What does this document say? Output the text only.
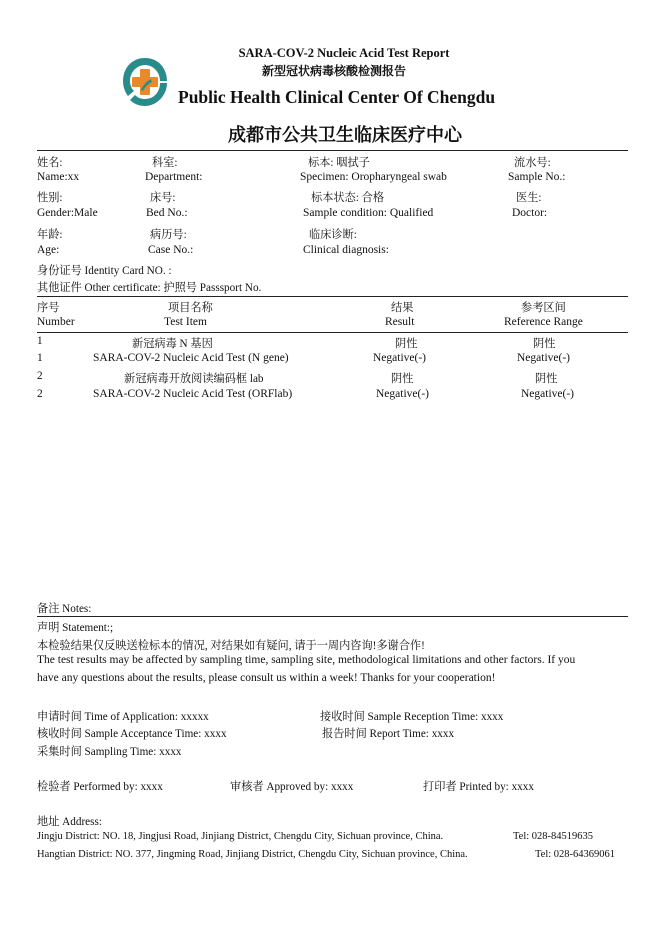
SARA-COV-2 Nucleic Acid Test Report
新型冠状病毒核酸检测报告
Public Health Clinical Center Of Chengdu
成都市公共卫生临床医疗中心
姓名:	科室:	标本: 咽拭子	流水号:
Name:xx	Department:	Specimen: Oropharyngeal swab	Sample No.:
性别:	床号:	标本状态: 合格	医生:
Gender:Male	Bed No.:	Sample condition: Qualified	Doctor:
年龄:	病历号:	临床诊断:
Age:	Case No.:	Clinical diagnosis:
身份证号 Identity Card NO. :
其他证件 Other certificate: 护照号 Passsport No.
序号	项目名称	结果	参考区间
Number	Test Item	Result	Reference Range
1	新冠病毒 N 基因	阴性	阴性
1	SARA-COV-2 Nucleic Acid Test (N gene)	Negative(-)	Negative(-)
2	新冠病毒开放阅读编码框 lab	阴性	阴性
2	SARA-COV-2 Nucleic Acid Test (ORFlab)	Negative(-)	Negative(-)
备注 Notes:
声明 Statement:;
本检验结果仅反映送检标本的情况, 对结果如有疑问, 请于一周内咨询!多谢合作!
The test results may be affected by sampling time, sampling site, methodological limitations and other factors. If you
have any questions about the results, please consult us within a week! Thanks for your cooperation!
申请时间 Time of Application: xxxxx	接收时间 Sample Reception Time: xxxx
核收时间 Sample Acceptance Time: xxxx	报告时间 Report Time: xxxx
采集时间 Sampling Time: xxxx
检验者 Performed by: xxxx	审核者 Approved by: xxxx	打印者 Printed by: xxxx
地址 Address:
Jingju District: NO. 18, Jingjusi Road, Jinjiang District, Chengdu City, Sichuan province, China.	Tel: 028-84519635
Hangtian District: NO. 377, Jingming Road, Jinjiang District, Chengdu City, Sichuan province, China.	Tel: 028-64369061
